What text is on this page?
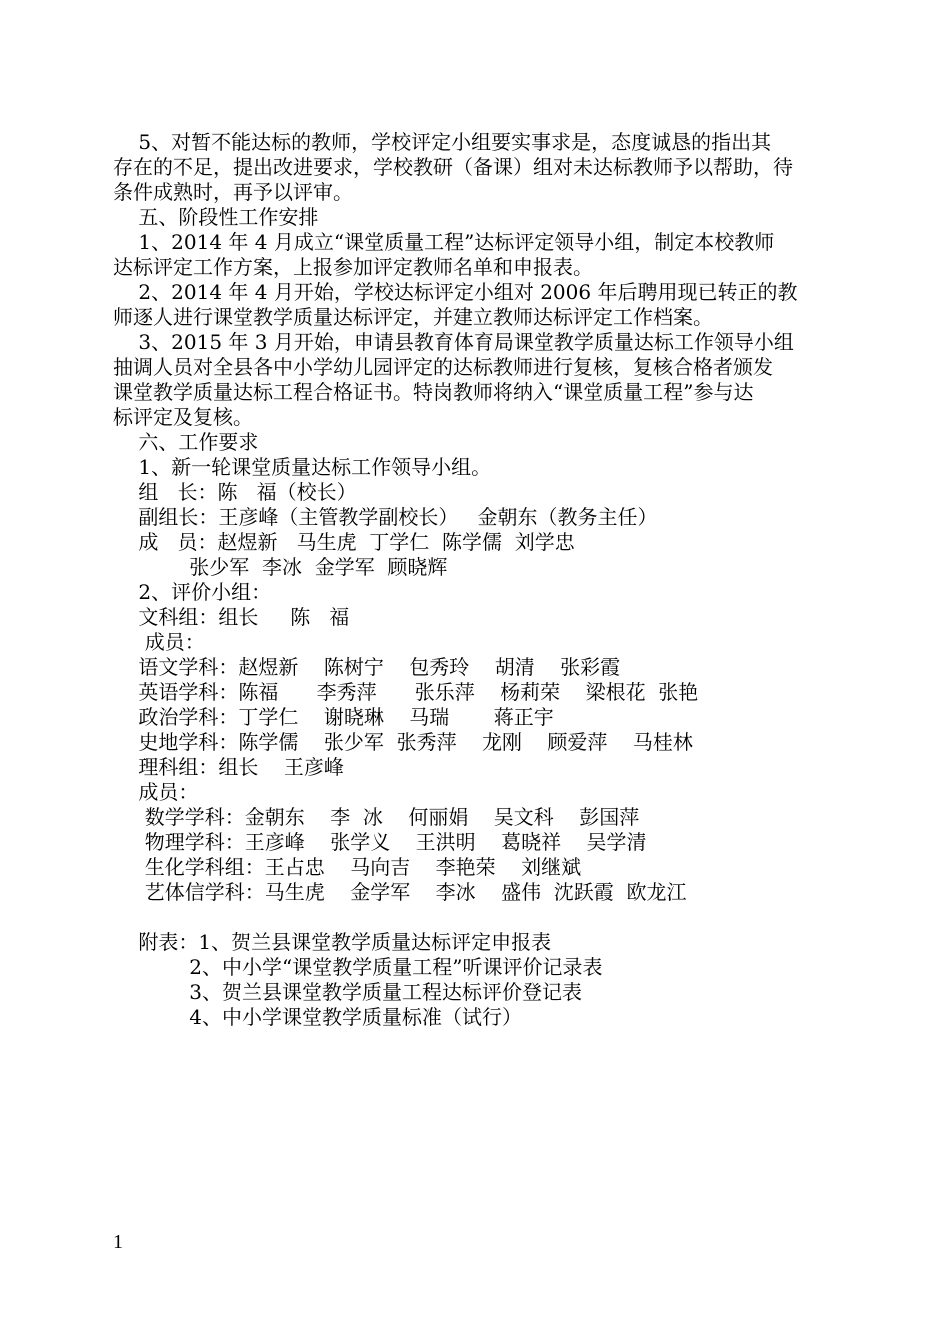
5、对暂不能达标的教师，学校评定小组要实事求是，态度诚恳的指出其
存在的不足，提出改进要求，学校教研（备课）组对未达标教师予以帮助，待
条件成熟时，再予以评审。
五、阶段性工作安排
1、2014 年 4 月成立“课堂质量工程”达标评定领导小组，制定本校教师
达标评定工作方案，上报参加评定教师名单和申报表。
2、2014 年 4 月开始，学校达标评定小组对 2006 年后聘用现已转正的教
师逐人进行课堂教学质量达标评定，并建立教师达标评定工作档案。
3、2015 年 3 月开始，申请县教育体育局课堂教学质量达标工作领导小组
抽调人员对全县各中小学幼儿园评定的达标教师进行复核，复核合格者颁发
课堂教学质量达标工程合格证书。特岗教师将纳入“课堂质量工程”参与达
标评定及复核。
六、工作要求
1、新一轮课堂质量达标工作领导小组。
组   长：陈   福（校长）
副组长：王彦峰（主管教学副校长）   金朝东（教务主任）
成   员：赵煜新   马生虎  丁学仁  陈学儒  刘学忠
张少军  李冰  金学军  顾晓辉
2、评价小组：
文科组：组长     陈   福
成员：
语文学科：赵煜新    陈树宁    包秀玲    胡清    张彩霞
英语学科：陈福      李秀萍      张乐萍    杨莉荣    梁根花  张艳
政治学科：丁学仁    谢晓琳    马瑞       蒋正宇
史地学科：陈学儒    张少军  张秀萍    龙刚    顾爱萍    马桂林
理科组：组长    王彦峰
成员：
数学学科：金朝东    李  冰    何丽娟    吴文科    彭国萍
物理学科：王彦峰    张学义    王洪明    葛晓祥    吴学清
生化学科组：王占忠    马向吉    李艳荣    刘继斌
艺体信学科：马生虎    金学军    李冰    盛伟  沈跃霞  欧龙江
附表：1、贺兰县课堂教学质量达标评定申报表
2、中小学“课堂教学质量工程”听课评价记录表
3、贺兰县课堂教学质量工程达标评价登记表
4、中小学课堂教学质量标准（试行）
1
